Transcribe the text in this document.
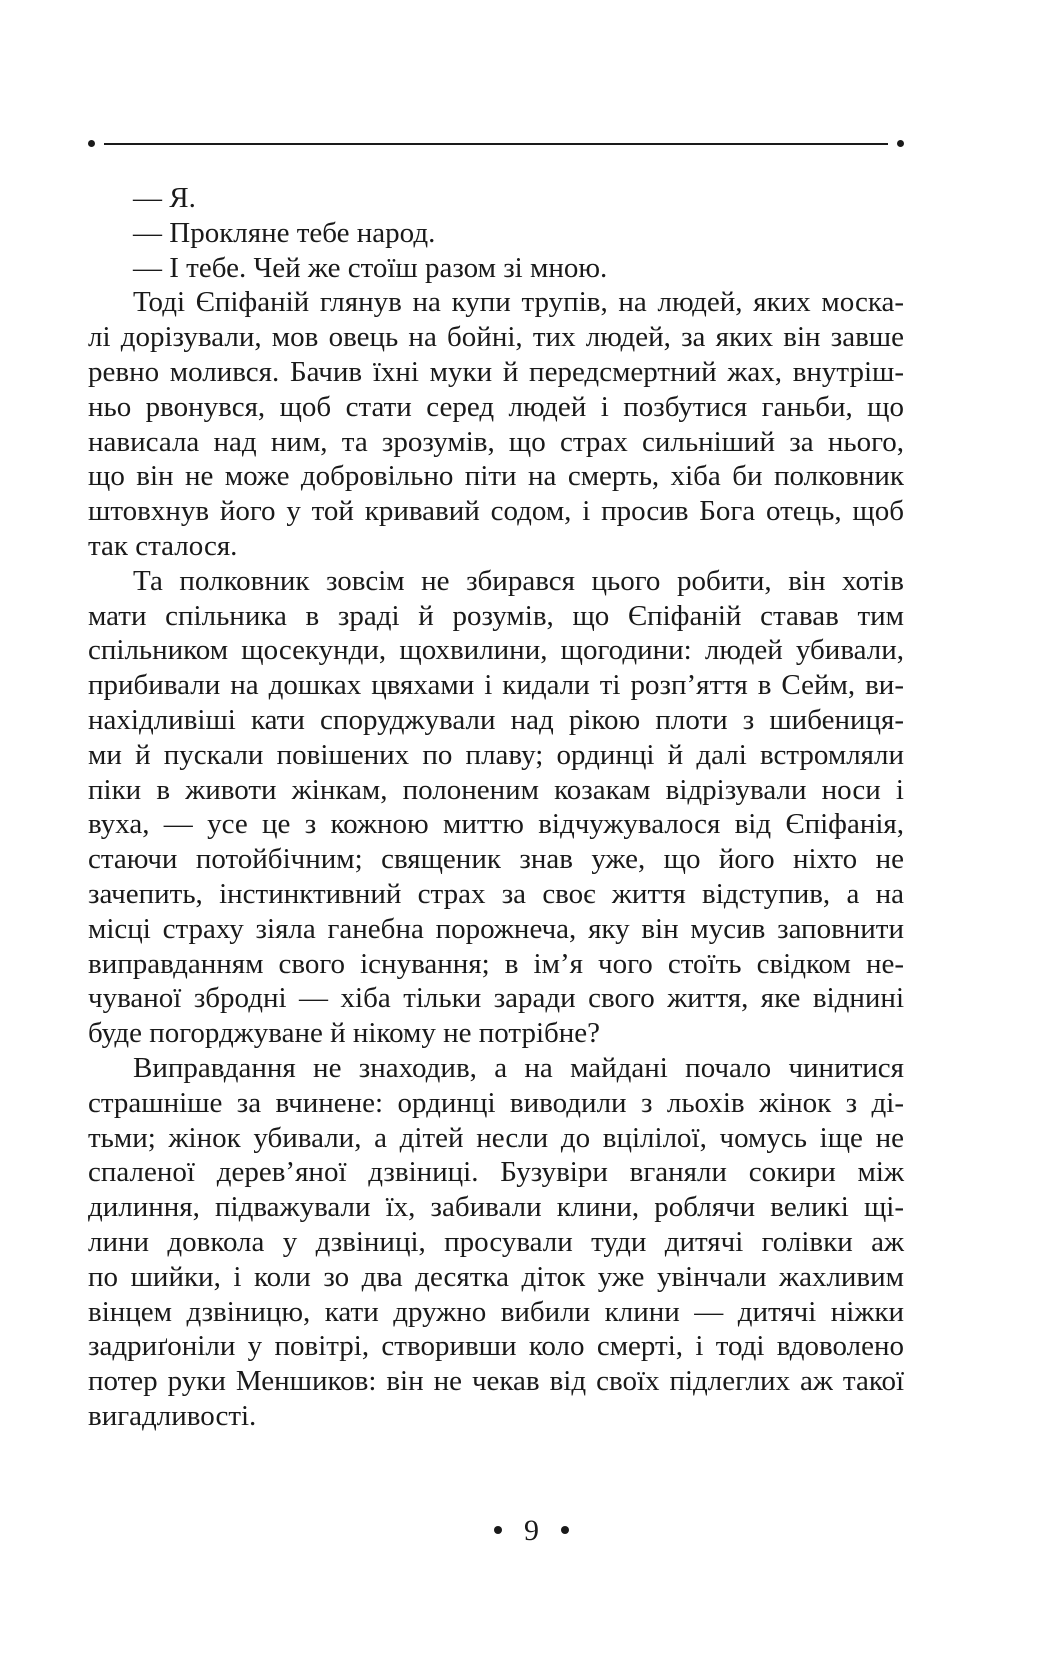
— Я.
— Прокляне тебе народ.
— І тебе. Чей же стоїш разом зі мною.
Тоді Єпіфаній глянув на купи трупів, на людей, яких моска-
лі дорізували, мов овець на бойні, тих людей, за яких він завше
ревно молився. Бачив їхні муки й передсмертний жах, внутріш-
ньо рвонувся, щоб стати серед людей і позбутися ганьби, що
нависала над ним, та зрозумів, що страх сильніший за нього,
що він не може добровільно піти на смерть, хіба би полковник
штовхнув його у той кривавий содом, і просив Бога отець, щоб
так сталося.
Та полковник зовсім не збирався цього робити, він хотів
мати спільника в зраді й розумів, що Єпіфаній ставав тим
спільником щосекунди, щохвилини, щогодини: людей убивали,
прибивали на дошках цвяхами і кидали ті розп’яття в Сейм, ви-
нахідливіші кати споруджували над рікою плоти з шибениця-
ми й пускали повішених по плаву; ординці й далі встромляли
піки в животи жінкам, полоненим козакам відрізували носи і
вуха, — усе це з кожною миттю відчужувалося від Єпіфанія,
стаючи потойбічним; священик знав уже, що його ніхто не
зачепить, інстинктивний страх за своє життя відступив, а на
місці страху зіяла ганебна порожнеча, яку він мусив заповнити
виправданням свого існування; в ім’я чого стоїть свідком не-
чуваної збродні — хіба тільки заради свого життя, яке віднині
буде погорджуване й нікому не потрібне?
Виправдання не знаходив, а на майдані почало чинитися
страшніше за вчинене: ординці виводили з льохів жінок з ді-
тьми; жінок убивали, а дітей несли до вцілілої, чомусь іще не
спаленої дерев’яної дзвіниці. Бузувіри вганяли сокири між
дилиння, підважували їх, забивали клини, роблячи великі щі-
лини довкола у дзвіниці, просували туди дитячі голівки аж
по шийки, і коли зо два десятка діток уже увінчали жахливим
вінцем дзвіницю, кати дружно вибили клини — дитячі ніжки
задриґоніли у повітрі, створивши коло смерті, і тоді вдоволено
потер руки Меншиков: він не чекав від своїх підлеглих аж такої
вигадливості.
9
